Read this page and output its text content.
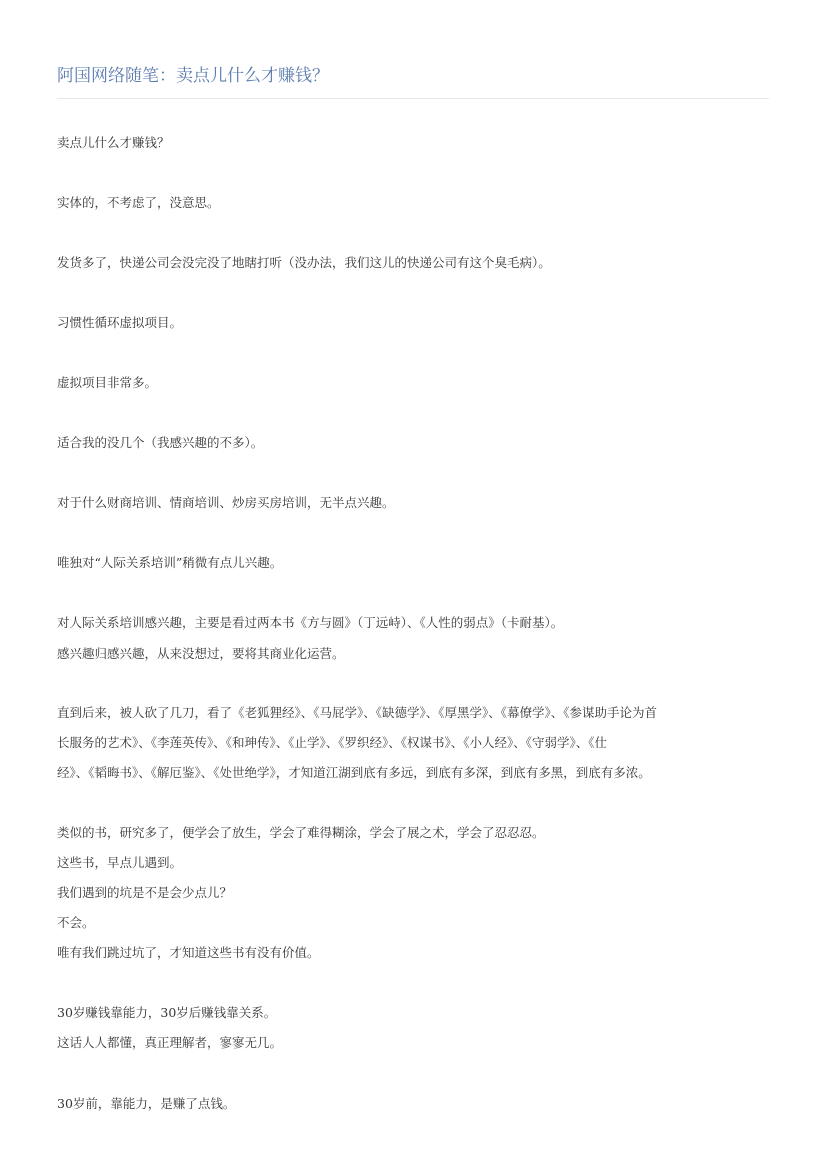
阿国网络随笔：卖点儿什么才赚钱？

卖点儿什么才赚钱？

实体的，不考虑了，没意思。

发货多了，快递公司会没完没了地瞎打听（没办法，我们这儿的快递公司有这个臭毛病）。

习惯性循环虚拟项目。

虚拟项目非常多。

适合我的没几个（我感兴趣的不多）。

对于什么财商培训、情商培训、炒房买房培训，无半点兴趣。

唯独对“人际关系培训”稍微有点儿兴趣。

对人际关系培训感兴趣，主要是看过两本书《方与圆》（丁远峙）、《人性的弱点》（卡耐基）。

感兴趣归感兴趣，从来没想过，要将其商业化运营。

直到后来，被人砍了几刀，看了《老狐狸经》、《马屁学》、《缺德学》、《厚黑学》、《幕僚学》、《参谋助手论为首

长服务的艺术》、《李莲英传》、《和珅传》、《止学》、《罗织经》、《权谋书》、《小人经》、《守弱学》、《仕

经》、《韬晦书》、《解厄鉴》、《处世绝学》，才知道江湖到底有多远，到底有多深，到底有多黑，到底有多浓。

类似的书，研究多了，便学会了放生，学会了难得糊涂，学会了展之术，学会了忍忍忍。

这些书，早点儿遇到。

我们遇到的坑是不是会少点儿？

不会。

唯有我们跳过坑了，才知道这些书有没有价值。

30岁赚钱靠能力，30岁后赚钱靠关系。

这话人人都懂，真正理解者，寥寥无几。

30岁前，靠能力，是赚了点钱。
